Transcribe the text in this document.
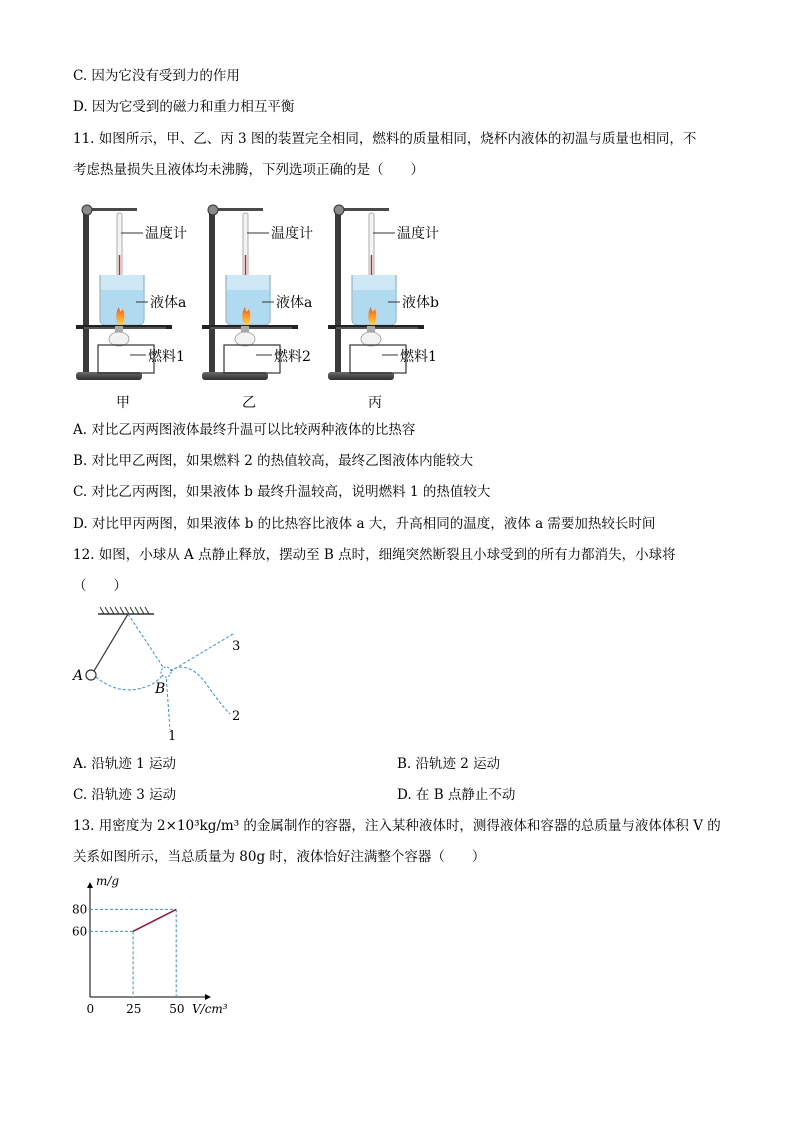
C. 因为它没有受到力的作用
D. 因为它受到的磁力和重力相互平衡
11. 如图所示，甲、乙、丙 3 图的装置完全相同，燃料的质量相同，烧杯内液体的初温与质量也相同，不
考虑热量损失且液体均未沸腾，下列选项正确的是（　　）
温度计
液体a
燃料1
甲
温度计
液体a
燃料2
乙
温度计
液体b
燃料1
丙
A. 对比乙丙两图液体最终升温可以比较两种液体的比热容
B. 对比甲乙两图，如果燃料 2 的热值较高，最终乙图液体内能较大
C. 对比乙丙两图，如果液体 b 最终升温较高，说明燃料 1 的热值较大
D. 对比甲丙两图，如果液体 b 的比热容比液体 a 大，升高相同的温度，液体 a 需要加热较长时间
12. 如图，小球从 A 点静止释放，摆动至 B 点时，细绳突然断裂且小球受到的所有力都消失，小球将
（　　）
A
B
1
2
3
A. 沿轨迹 1 运动	B. 沿轨迹 2 运动
C. 沿轨迹 3 运动	D. 在 B 点静止不动
13. 用密度为 2×10³kg/m³ 的金属制作的容器，注入某种液体时，测得液体和容器的总质量与液体体积 V 的
关系如图所示，当总质量为 80g 时，液体恰好注满整个容器（　　）
m/g
V/cm³
0	25 50
60
80
